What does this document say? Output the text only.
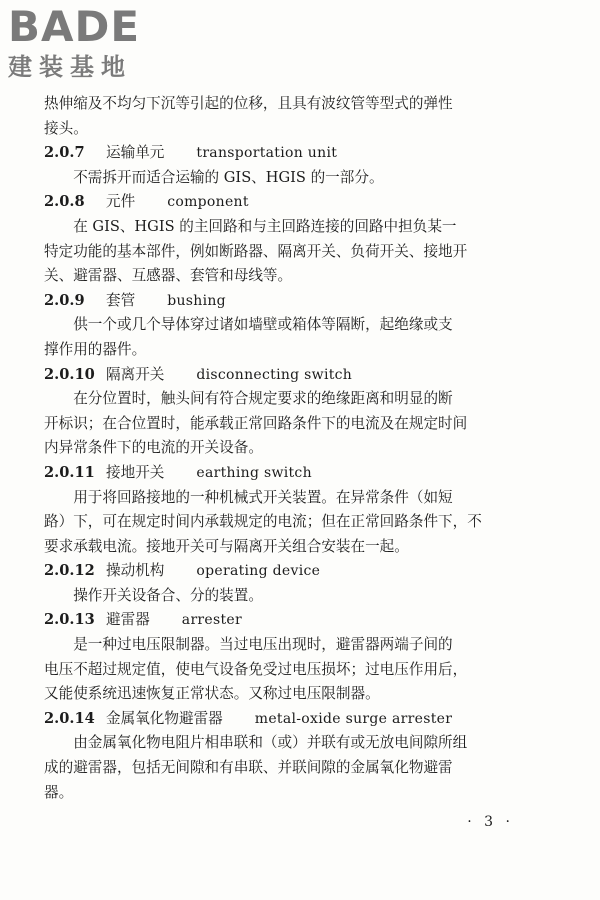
BADE
建装基地

热伸缩及不均匀下沉等引起的位移，且具有波纹管等型式的弹性

接头。

2.0.7 运输单元 transportation unit

不需拆开而适合运输的 GIS、HGIS 的一部分。

2.0.8 元件 component

在 GIS、HGIS 的主回路和与主回路连接的回路中担负某一

特定功能的基本部件，例如断路器、隔离开关、负荷开关、接地开

关、避雷器、互感器、套管和母线等。

2.0.9 套管 bushing

供一个或几个导体穿过诸如墙壁或箱体等隔断，起绝缘或支

撑作用的器件。

2.0.10 隔离开关 disconnecting switch

在分位置时，触头间有符合规定要求的绝缘距离和明显的断

开标识；在合位置时，能承载正常回路条件下的电流及在规定时间

内异常条件下的电流的开关设备。

2.0.11 接地开关 earthing switch

用于将回路接地的一种机械式开关装置。在异常条件（如短

路）下，可在规定时间内承载规定的电流；但在正常回路条件下，不

要求承载电流。接地开关可与隔离开关组合安装在一起。

2.0.12 操动机构 operating device

操作开关设备合、分的装置。

2.0.13 避雷器 arrester

是一种过电压限制器。当过电压出现时，避雷器两端子间的

电压不超过规定值，使电气设备免受过电压损坏；过电压作用后，

又能使系统迅速恢复正常状态。又称过电压限制器。

2.0.14 金属氧化物避雷器 metal-oxide surge arrester

由金属氧化物电阻片相串联和（或）并联有或无放电间隙所组

成的避雷器，包括无间隙和有串联、并联间隙的金属氧化物避雷

器。

· 3 ·
